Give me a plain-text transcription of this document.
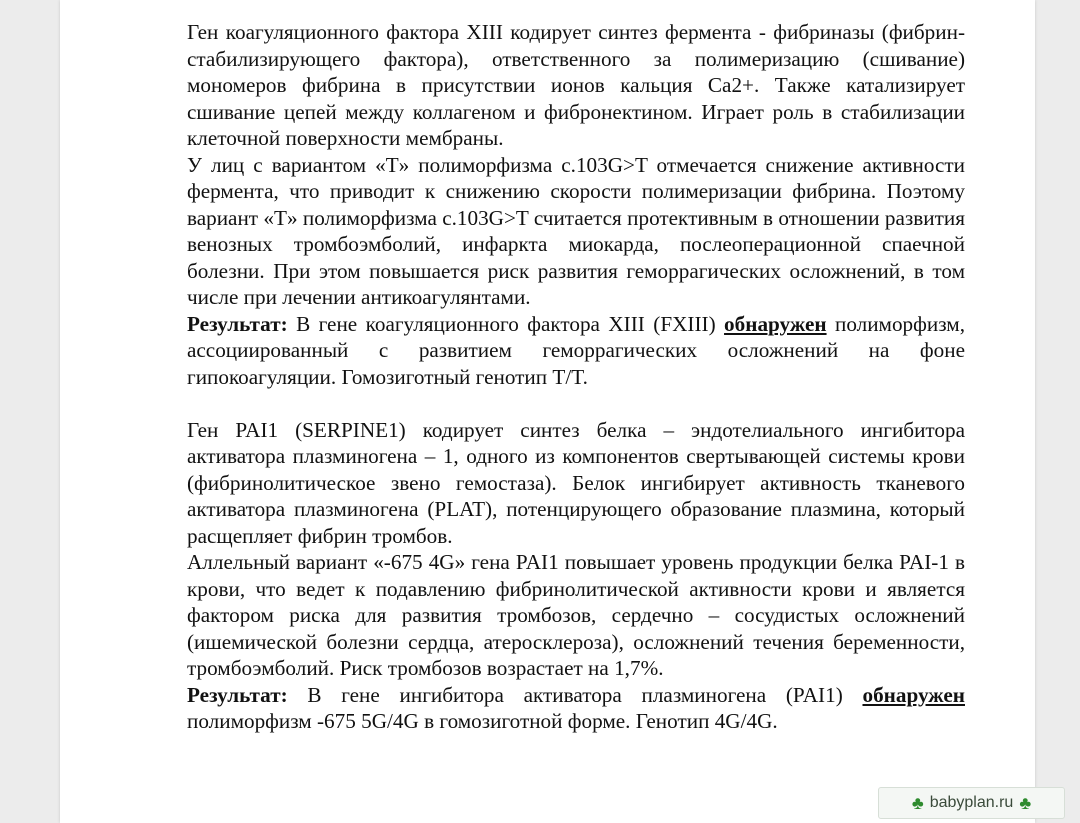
Ген коагуляционного фактора XIII кодирует синтез фермента - фибриназы (фибрин-стабилизирующего фактора), ответственного за полимеризацию (сшивание) мономеров фибрина в присутствии ионов кальция Ca2+. Также катализирует сшивание цепей между коллагеном и фибронектином. Играет роль в стабилизации клеточной поверхности мембраны.

У лиц с вариантом «T» полиморфизма c.103G>T отмечается снижение активности фермента, что приводит к снижению скорости полимеризации фибрина. Поэтому вариант «T» полиморфизма c.103G>T считается протективным в отношении развития венозных тромбоэмболий, инфаркта миокарда, послеоперационной спаечной болезни. При этом повышается риск развития геморрагических осложнений, в том числе при лечении антикоагулянтами.

Результат: В гене коагуляционного фактора XIII (FXIII) обнаружен полиморфизм, ассоциированный с развитием геморрагических осложнений на фоне гипокоагуляции. Гомозиготный генотип T/T.

Ген PAI1 (SERPINE1) кодирует синтез белка – эндотелиального ингибитора активатора плазминогена – 1, одного из компонентов свертывающей системы крови (фибринолитическое звено гемостаза). Белок ингибирует активность тканевого активатора плазминогена (PLAT), потенцирующего образование плазмина, который расщепляет фибрин тромбов.

Аллельный вариант «-675 4G» гена PAI1 повышает уровень продукции белка PAI-1 в крови, что ведет к подавлению фибринолитической активности крови и является фактором риска для развития тромбозов, сердечно – сосудистых осложнений (ишемической болезни сердца, атеросклероза), осложнений течения беременности, тромбоэмболий. Риск тромбозов возрастает на 1,7%.

Результат: В гене ингибитора активатора плазминогена (PAI1) обнаружен полиморфизм -675 5G/4G в гомозиготной форме. Генотип 4G/4G.

♣ babyplan.ru ♣
